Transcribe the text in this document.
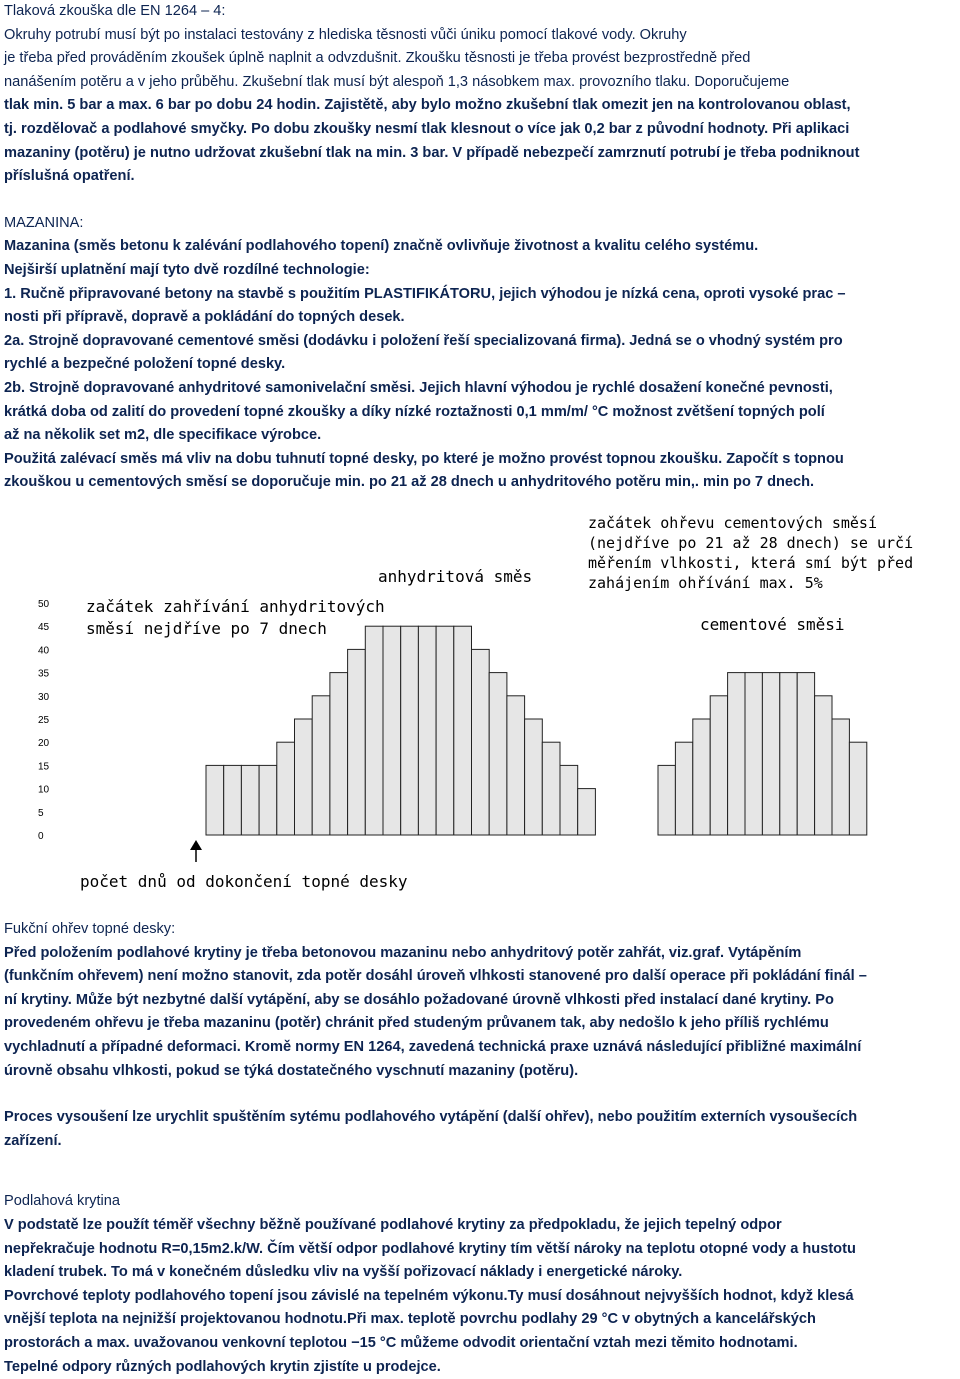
Tlaková zkouška dle EN 1264 – 4:

Okruhy potrubí musí být po instalaci testovány z hlediska těsnosti vůči úniku pomocí tlakové vody. Okruhy

je třeba před prováděním zkoušek úplně naplnit a odvzdušnit. Zkoušku těsnosti je třeba provést bezprostředně před

nanášením potěru a v jeho průběhu. Zkušební tlak musí být alespoň 1,3 násobkem max. provozního tlaku. Doporučujeme

tlak min. 5 bar a max. 6 bar po dobu 24 hodin. Zajistětě, aby bylo možno zkušební tlak omezit jen na kontrolovanou oblast,

tj. rozdělovač a podlahové smyčky. Po dobu zkoušky nesmí tlak klesnout o více jak 0,2 bar z původní hodnoty. Při aplikaci

mazaniny (potěru) je nutno udržovat zkušební tlak na min. 3 bar. V případě nebezpečí zamrznutí potrubí je třeba podniknout

příslušná opatření.

MAZANINA:

Mazanina (směs betonu k zalévání podlahového topení) značně ovlivňuje životnost a kvalitu celého systému.

Nejširší uplatnění mají tyto dvě rozdílné technologie:

1. Ručně připravované betony na stavbě s použitím PLASTIFIKÁTORU, jejich výhodou je nízká cena, oproti vysoké prac –

nosti při přípravě, dopravě a pokládání do topných desek.

2a. Strojně dopravované cementové směsi (dodávku i položení řeší specializovaná firma). Jedná se o vhodný systém pro

rychlé a bezpečné položení topné desky.

2b. Strojně dopravované anhydritové samonivelační směsi. Jejich hlavní výhodou je rychlé dosažení konečné pevnosti,

krátká doba od zalití do provedení topné zkoušky a díky nízké roztažnosti 0,1 mm/m/ °C možnost zvětšení topných polí

až na několik set m2, dle specifikace výrobce.

Použitá zalévací směs má vliv na dobu tuhnutí topné desky, po které je možno provést topnou zkoušku. Započít s topnou

zkouškou u cementových směsí se doporučuje min. po 21 až 28 dnech u anhydritového potěru min,. min po 7 dnech.

50
45
40
35
30
25
20
15
10
5
0
anhydritová směs
začátek zahřívání anhydritových
směsí nejdříve po 7 dnech
začátek ohřevu cementových směsí
(nejdříve po 21 až 28 dnech) se určí
měřením vlhkosti, která smí být před
zahájením ohřívání max. 5%
cementové směsi
počet dnů od dokončení topné desky

Fukční ohřev topné desky:

Před položením podlahové krytiny je třeba betonovou mazaninu nebo anhydritový potěr zahřát, viz.graf. Vytápěním

(funkčním ohřevem) není možno stanovit, zda potěr dosáhl úroveň vlhkosti stanovené pro další operace při pokládání finál –

ní krytiny. Může být nezbytné další vytápění, aby se dosáhlo požadované úrovně vlhkosti před instalací dané krytiny. Po

provedeném ohřevu je třeba mazaninu (potěr) chránit před studeným průvanem tak, aby nedošlo k jeho příliš rychlému

vychladnutí a případné deformaci. Kromě normy EN 1264, zavedená technická praxe uznává následující přibližné maximální

úrovně obsahu vlhkosti, pokud se týká dostatečného vyschnutí mazaniny (potěru).

Proces vysoušení lze urychlit spuštěním sytému podlahového vytápění (další ohřev), nebo použitím externích vysoušecích

zařízení.

Podlahová krytina

V podstatě lze použít téměř všechny běžně používané podlahové krytiny za předpokladu, že jejich tepelný odpor

nepřekračuje hodnotu R=0,15m2.k/W. Čím větší odpor podlahové krytiny tím větší nároky na teplotu otopné vody a hustotu

kladení trubek. To má v konečném důsledku vliv na vyšší pořizovací náklady i energetické nároky.

Povrchové teploty podlahového topení jsou závislé na tepelném výkonu.Ty musí dosáhnout nejvyšších hodnot, když klesá

vnější teplota na nejnižší projektovanou hodnotu.Při max. teplotě povrchu podlahy 29 °C v obytných a kancelářských

prostorách a max. uvažovanou venkovní teplotou −15 °C můžeme odvodit orientační vztah mezi těmito hodnotami.

Tepelné odpory různých podlahových krytin zjistíte u prodejce.
